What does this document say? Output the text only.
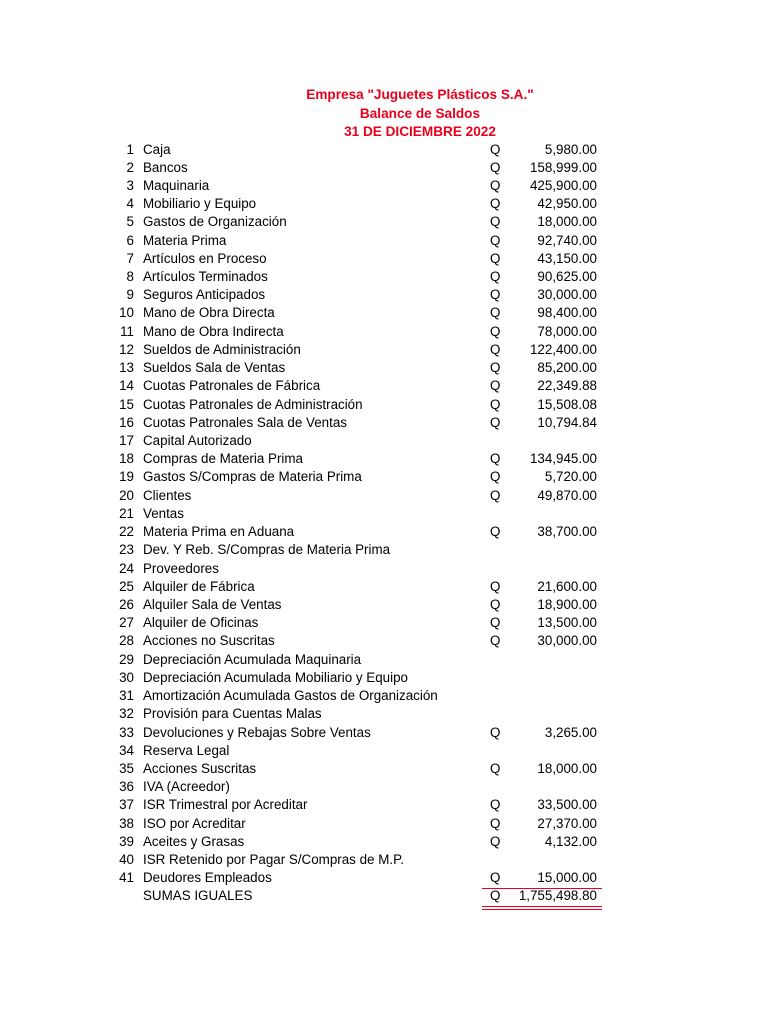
Empresa "Juguetes Plásticos S.A."
Balance de Saldos
31 DE DICIEMBRE 2022
1 Caja	Q	5,980.00
2 Bancos	Q 158,999.00
3 Maquinaria	Q 425,900.00
4 Mobiliario y Equipo	Q	42,950.00
5 Gastos de Organización	Q	18,000.00
6 Materia Prima	Q	92,740.00
7 Artículos en Proceso	Q	43,150.00
8 Artículos Terminados	Q	90,625.00
9 Seguros Anticipados	Q	30,000.00
10 Mano de Obra Directa	Q	98,400.00
11 Mano de Obra Indirecta	Q	78,000.00
12 Sueldos de Administración	Q 122,400.00
13 Sueldos Sala de Ventas	Q	85,200.00
14 Cuotas Patronales de Fábrica	Q	22,349.88
15 Cuotas Patronales de Administración	Q	15,508.08
16 Cuotas Patronales Sala de Ventas	Q	10,794.84
17 Capital Autorizado
18 Compras de Materia Prima	Q 134,945.00
19 Gastos S/Compras de Materia Prima	Q	5,720.00
20 Clientes	Q	49,870.00
21 Ventas
22 Materia Prima en Aduana	Q	38,700.00
23 Dev. Y Reb. S/Compras de Materia Prima
24 Proveedores
25 Alquiler de Fábrica	Q	21,600.00
26 Alquiler Sala de Ventas	Q	18,900.00
27 Alquiler de Oficinas	Q	13,500.00
28 Acciones no Suscritas	Q	30,000.00
29 Depreciación Acumulada Maquinaria
30 Depreciación Acumulada Mobiliario y Equipo
31 Amortización Acumulada Gastos de Organización
32 Provisión para Cuentas Malas
33 Devoluciones y Rebajas Sobre Ventas	Q	3,265.00
34 Reserva Legal
35 Acciones Suscritas	Q	18,000.00
36 IVA (Acreedor)
37 ISR Trimestral por Acreditar	Q	33,500.00
38 ISO por Acreditar	Q	27,370.00
39 Aceites y Grasas	Q	4,132.00
40 ISR Retenido por Pagar S/Compras de M.P.
41 Deudores Empleados	Q	15,000.00
SUMAS IGUALES	Q 1,755,498.80
